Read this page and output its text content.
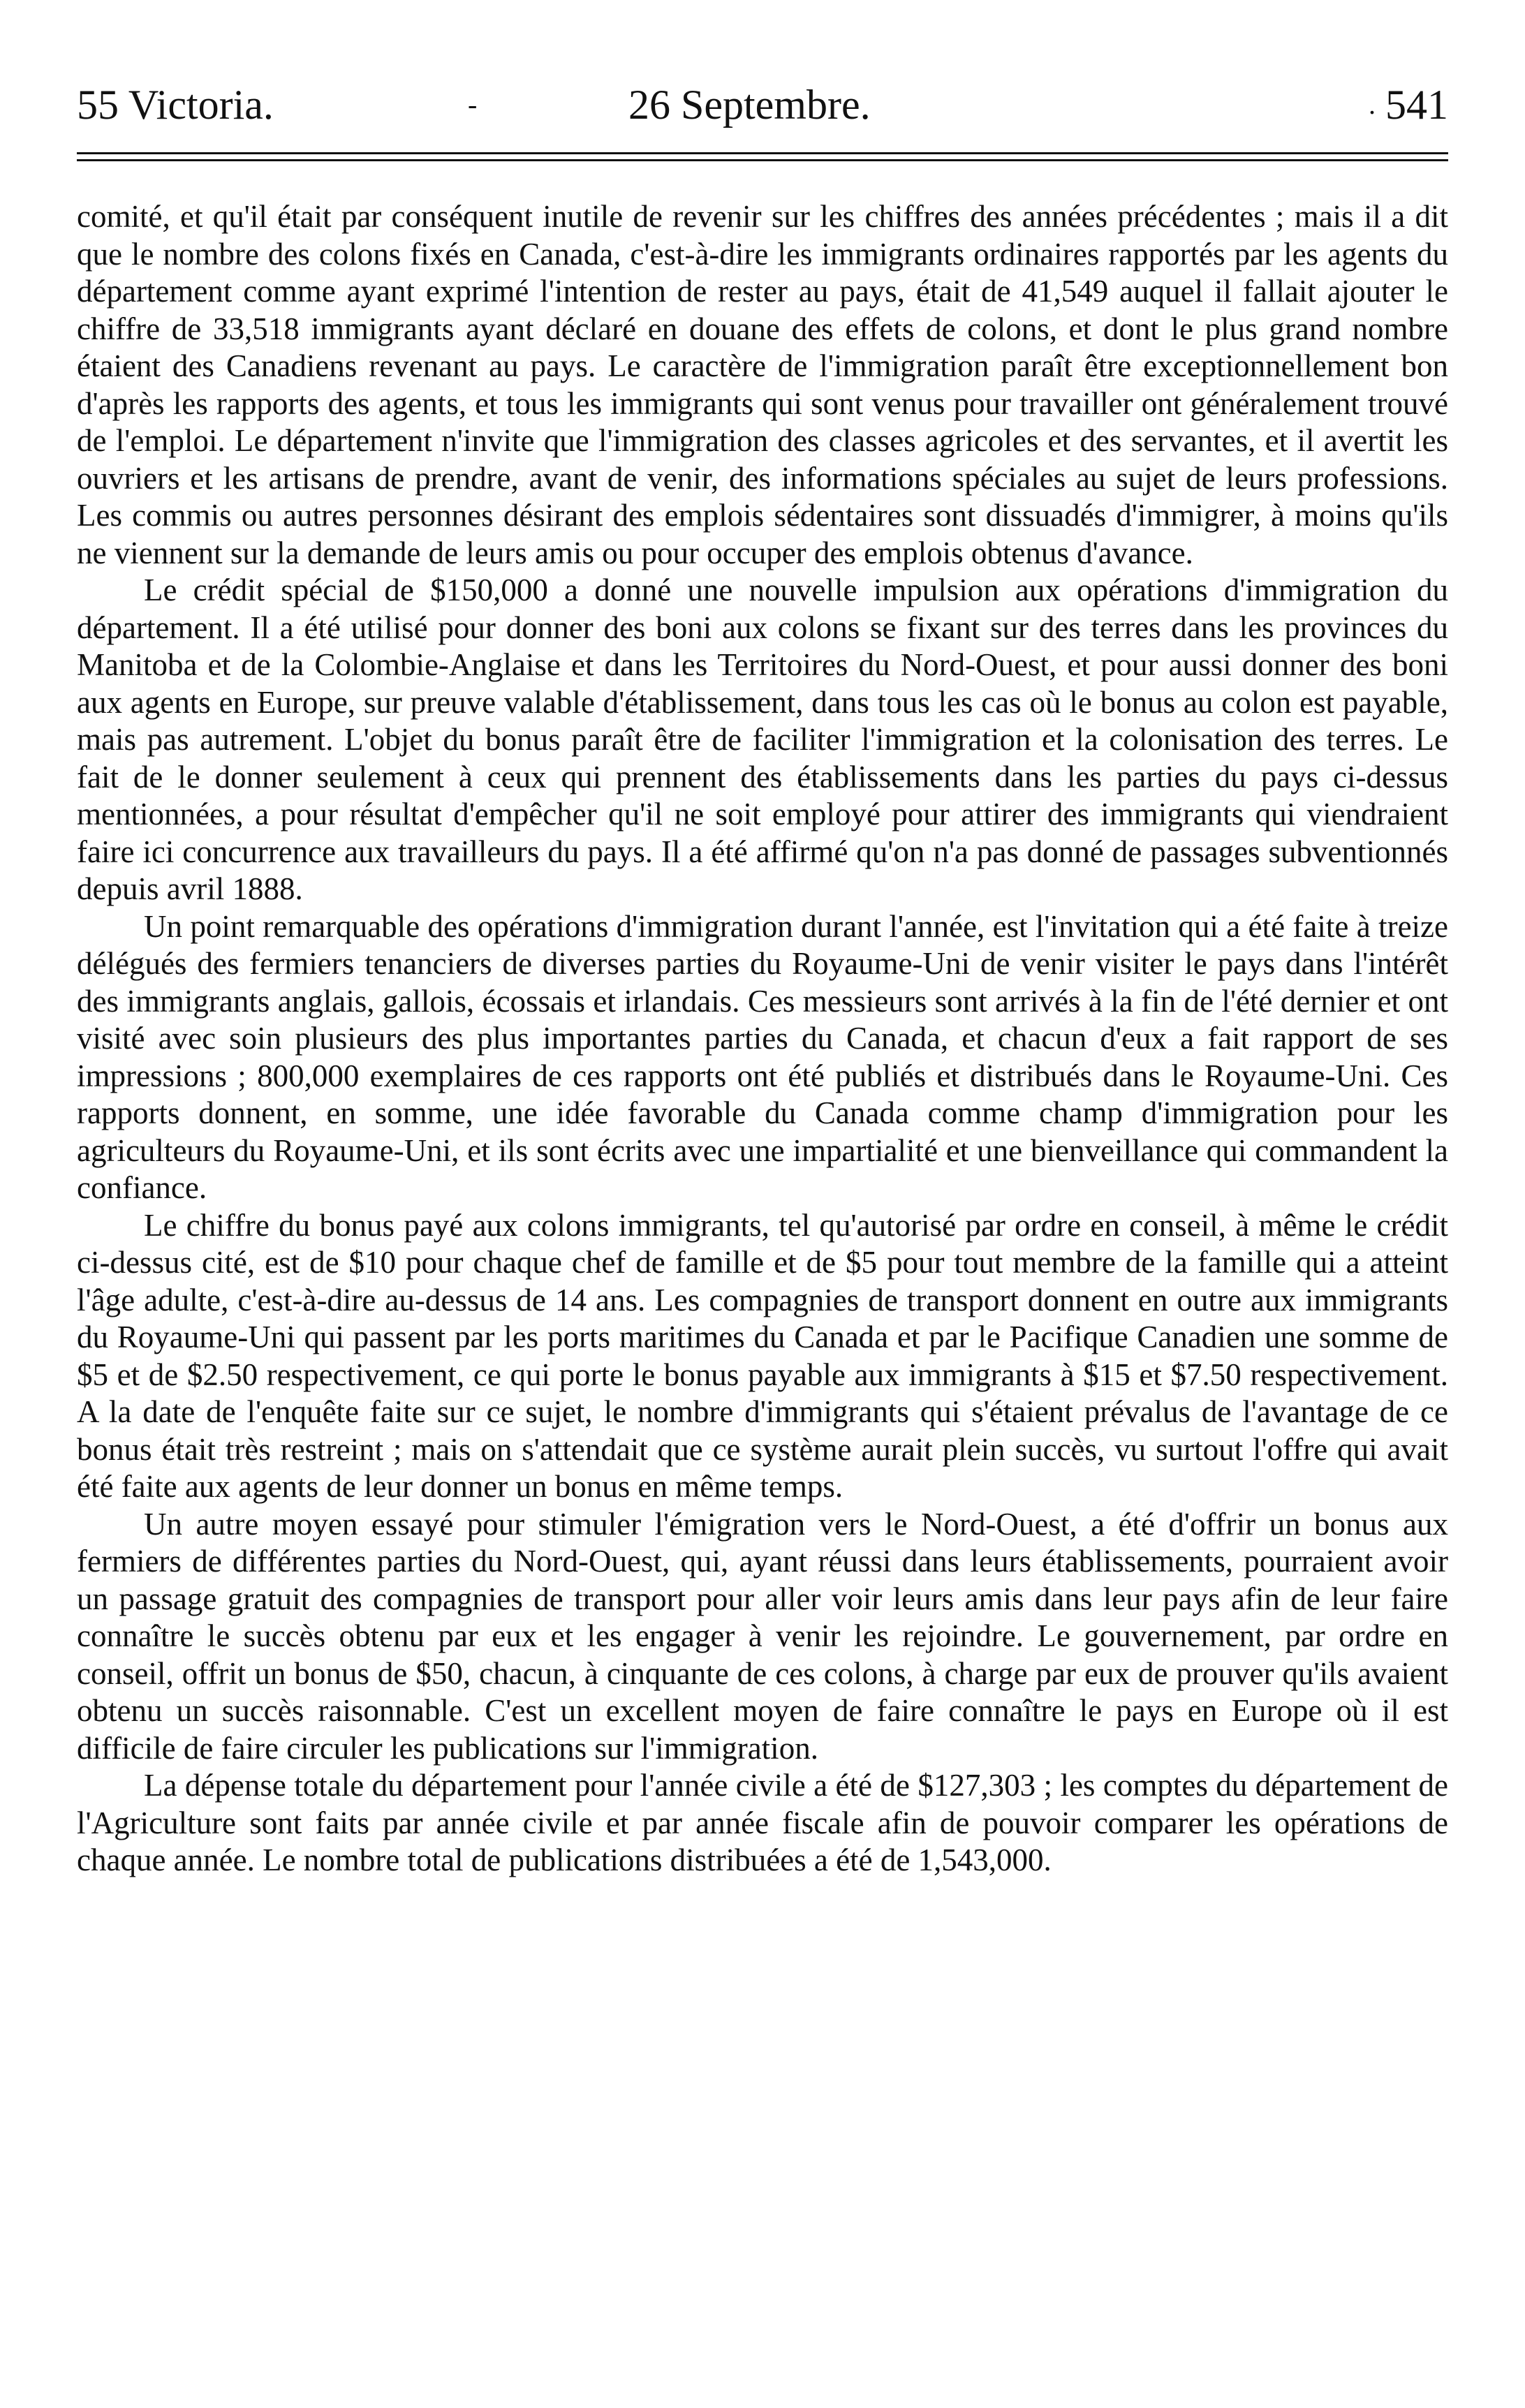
55 Victoria.	-	26 Septembre.	. 541

comité, et qu'il était par conséquent inutile de revenir sur les chiffres des années précédentes ; mais il a dit que le nombre des colons fixés en Canada, c'est-à-dire les immigrants ordinaires rapportés par les agents du département comme ayant exprimé l'intention de rester au pays, était de 41,549 auquel il fallait ajouter le chiffre de 33,518 immigrants ayant déclaré en douane des effets de colons, et dont le plus grand nombre étaient des Canadiens revenant au pays. Le caractère de l'immigration paraît être exceptionnellement bon d'après les rapports des agents, et tous les immigrants qui sont venus pour travailler ont généralement trouvé de l'emploi. Le département n'invite que l'immigration des classes agricoles et des servantes, et il avertit les ouvriers et les artisans de prendre, avant de venir, des informations spéciales au sujet de leurs professions. Les commis ou autres personnes désirant des emplois sédentaires sont dissuadés d'immigrer, à moins qu'ils ne viennent sur la demande de leurs amis ou pour occuper des emplois obtenus d'avance.

Le crédit spécial de $150,000 a donné une nouvelle impulsion aux opérations d'immigration du département. Il a été utilisé pour donner des boni aux colons se fixant sur des terres dans les provinces du Manitoba et de la Colombie-Anglaise et dans les Territoires du Nord-Ouest, et pour aussi donner des boni aux agents en Europe, sur preuve valable d'établissement, dans tous les cas où le bonus au colon est payable, mais pas autrement. L'objet du bonus paraît être de faciliter l'immigration et la colonisation des terres. Le fait de le donner seulement à ceux qui prennent des établissements dans les parties du pays ci-dessus mentionnées, a pour résultat d'empêcher qu'il ne soit employé pour attirer des immigrants qui viendraient faire ici concurrence aux travailleurs du pays. Il a été affirmé qu'on n'a pas donné de passages subventionnés depuis avril 1888.

Un point remarquable des opérations d'immigration durant l'année, est l'invitation qui a été faite à treize délégués des fermiers tenanciers de diverses parties du Royaume-Uni de venir visiter le pays dans l'intérêt des immigrants anglais, gallois, écossais et irlandais. Ces messieurs sont arrivés à la fin de l'été dernier et ont visité avec soin plusieurs des plus importantes parties du Canada, et chacun d'eux a fait rapport de ses impressions ; 800,000 exemplaires de ces rapports ont été publiés et distribués dans le Royaume-Uni. Ces rapports donnent, en somme, une idée favorable du Canada comme champ d'immigration pour les agriculteurs du Royaume-Uni, et ils sont écrits avec une impartialité et une bienveillance qui commandent la confiance.

Le chiffre du bonus payé aux colons immigrants, tel qu'autorisé par ordre en conseil, à même le crédit ci-dessus cité, est de $10 pour chaque chef de famille et de $5 pour tout membre de la famille qui a atteint l'âge adulte, c'est-à-dire au-dessus de 14 ans. Les compagnies de transport donnent en outre aux immigrants du Royaume-Uni qui passent par les ports maritimes du Canada et par le Pacifique Canadien une somme de $5 et de $2.50 respectivement, ce qui porte le bonus payable aux immigrants à $15 et $7.50 respectivement. A la date de l'enquête faite sur ce sujet, le nombre d'immigrants qui s'étaient prévalus de l'avantage de ce bonus était très restreint ; mais on s'attendait que ce système aurait plein succès, vu surtout l'offre qui avait été faite aux agents de leur donner un bonus en même temps.

Un autre moyen essayé pour stimuler l'émigration vers le Nord-Ouest, a été d'offrir un bonus aux fermiers de différentes parties du Nord-Ouest, qui, ayant réussi dans leurs établissements, pourraient avoir un passage gratuit des compagnies de transport pour aller voir leurs amis dans leur pays afin de leur faire connaître le succès obtenu par eux et les engager à venir les rejoindre. Le gouvernement, par ordre en conseil, offrit un bonus de $50, chacun, à cinquante de ces colons, à charge par eux de prouver qu'ils avaient obtenu un succès raisonnable. C'est un excellent moyen de faire connaître le pays en Europe où il est difficile de faire circuler les publications sur l'immigration.

La dépense totale du département pour l'année civile a été de $127,303 ; les comptes du département de l'Agriculture sont faits par année civile et par année fiscale afin de pouvoir comparer les opérations de chaque année. Le nombre total de publications distribuées a été de 1,543,000.
